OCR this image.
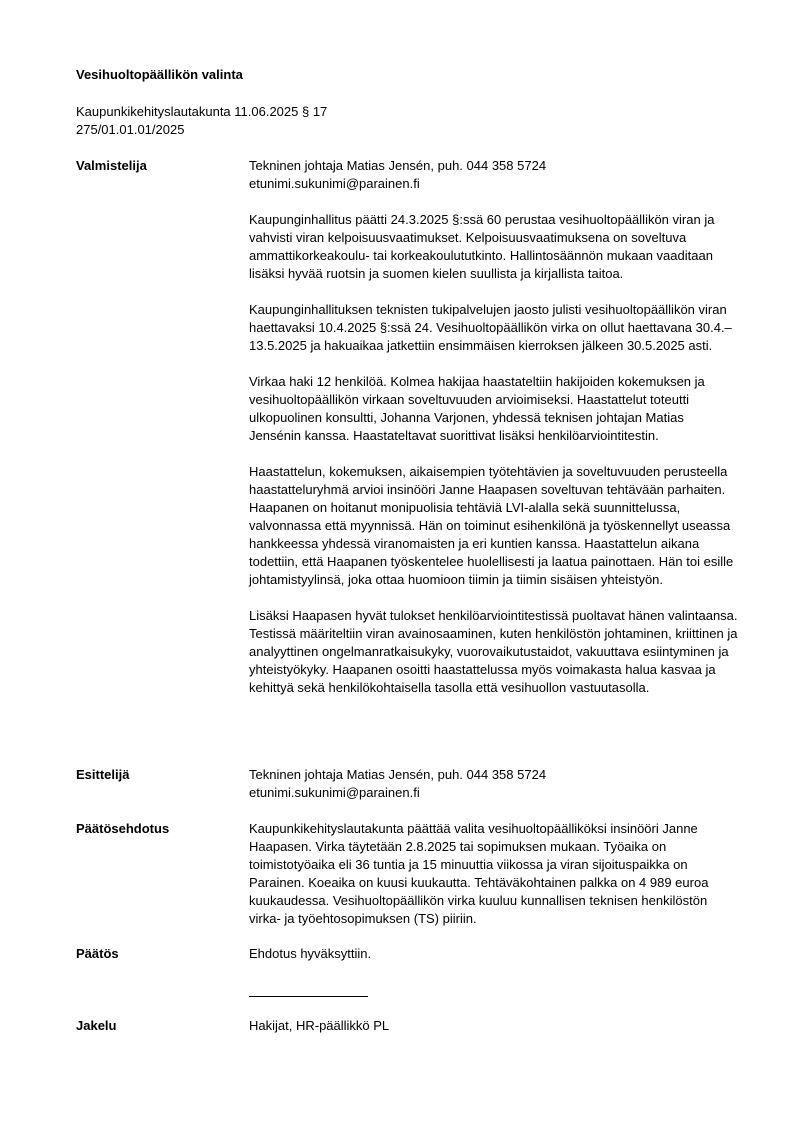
Vesihuoltopäällikön valinta
Kaupunkikehityslautakunta 11.06.2025 § 17
275/01.01.01/2025
Valmistelija	Tekninen johtaja Matias Jensén, puh. 044 358 5724

etunimi.sukunimi@parainen.fi

Kaupunginhallitus päätti 24.3.2025 §:ssä 60 perustaa vesihuoltopäällikön viran ja vahvisti viran kelpoisuusvaatimukset. Kelpoisuusvaatimuksena on soveltuva ammattikorkeakoulu- tai korkeakoulututkinto. Hallintosäännön mukaan vaaditaan lisäksi hyvää ruotsin ja suomen kielen suullista ja kirjallista taitoa.

Kaupunginhallituksen teknisten tukipalvelujen jaosto julisti vesihuoltopäällikön viran haettavaksi 10.4.2025 §:ssä 24. Vesihuoltopäällikön virka on ollut haettavana 30.4.–13.5.2025 ja hakuaikaa jatkettiin ensimmäisen kierroksen jälkeen 30.5.2025 asti.

Virkaa haki 12 henkilöä. Kolmea hakijaa haastateltiin hakijoiden kokemuksen ja vesihuoltopäällikön virkaan soveltuvuuden arvioimiseksi. Haastattelut toteutti ulkopuolinen konsultti, Johanna Varjonen, yhdessä teknisen johtajan Matias Jensénin kanssa. Haastateltavat suorittivat lisäksi henkilöarviointitestin.

Haastattelun, kokemuksen, aikaisempien työtehtävien ja soveltuvuuden perusteella haastatteluryhmä arvioi insinööri Janne Haapasen soveltuvan tehtävään parhaiten. Haapanen on hoitanut monipuolisia tehtäviä LVI-alalla sekä suunnittelussa, valvonnassa että myynnissä. Hän on toiminut esihenkilönä ja työskennellyt useassa hankkeessa yhdessä viranomaisten ja eri kuntien kanssa. Haastattelun aikana todettiin, että Haapanen työskentelee huolellisesti ja laatua painottaen. Hän toi esille johtamistyylinsä, joka ottaa huomioon tiimin ja tiimin sisäisen yhteistyön.

Lisäksi Haapasen hyvät tulokset henkilöarviointitestissä puoltavat hänen valintaansa. Testissä määriteltiin viran avainosaaminen, kuten henkilöstön johtaminen, kriittinen ja analyyttinen ongelmanratkaisukyky, vuorovaikutustaidot, vakuuttava esiintyminen ja yhteistyökyky. Haapanen osoitti haastattelussa myös voimakasta halua kasvaa ja kehittyä sekä henkilökohtaisella tasolla että vesihuollon vastuutasolla.

Esittelijä	Tekninen johtaja Matias Jensén, puh. 044 358 5724

etunimi.sukunimi@parainen.fi

Päätösehdotus	Kaupunkikehityslautakunta päättää valita vesihuoltopäälliköksi insinööri Janne Haapasen. Virka täytetään 2.8.2025 tai sopimuksen mukaan. Työaika on toimistotyöaika eli 36 tuntia ja 15 minuuttia viikossa ja viran sijoituspaikka on Parainen. Koeaika on kuusi kuukautta. Tehtäväkohtainen palkka on 4 989 euroa kuukaudessa. Vesihuoltopäällikön virka kuuluu kunnallisen teknisen henkilöstön virka- ja työehtosopimuksen (TS) piiriin.

Päätös	Ehdotus hyväksyttiin.

Jakelu	Hakijat, HR-päällikkö PL
